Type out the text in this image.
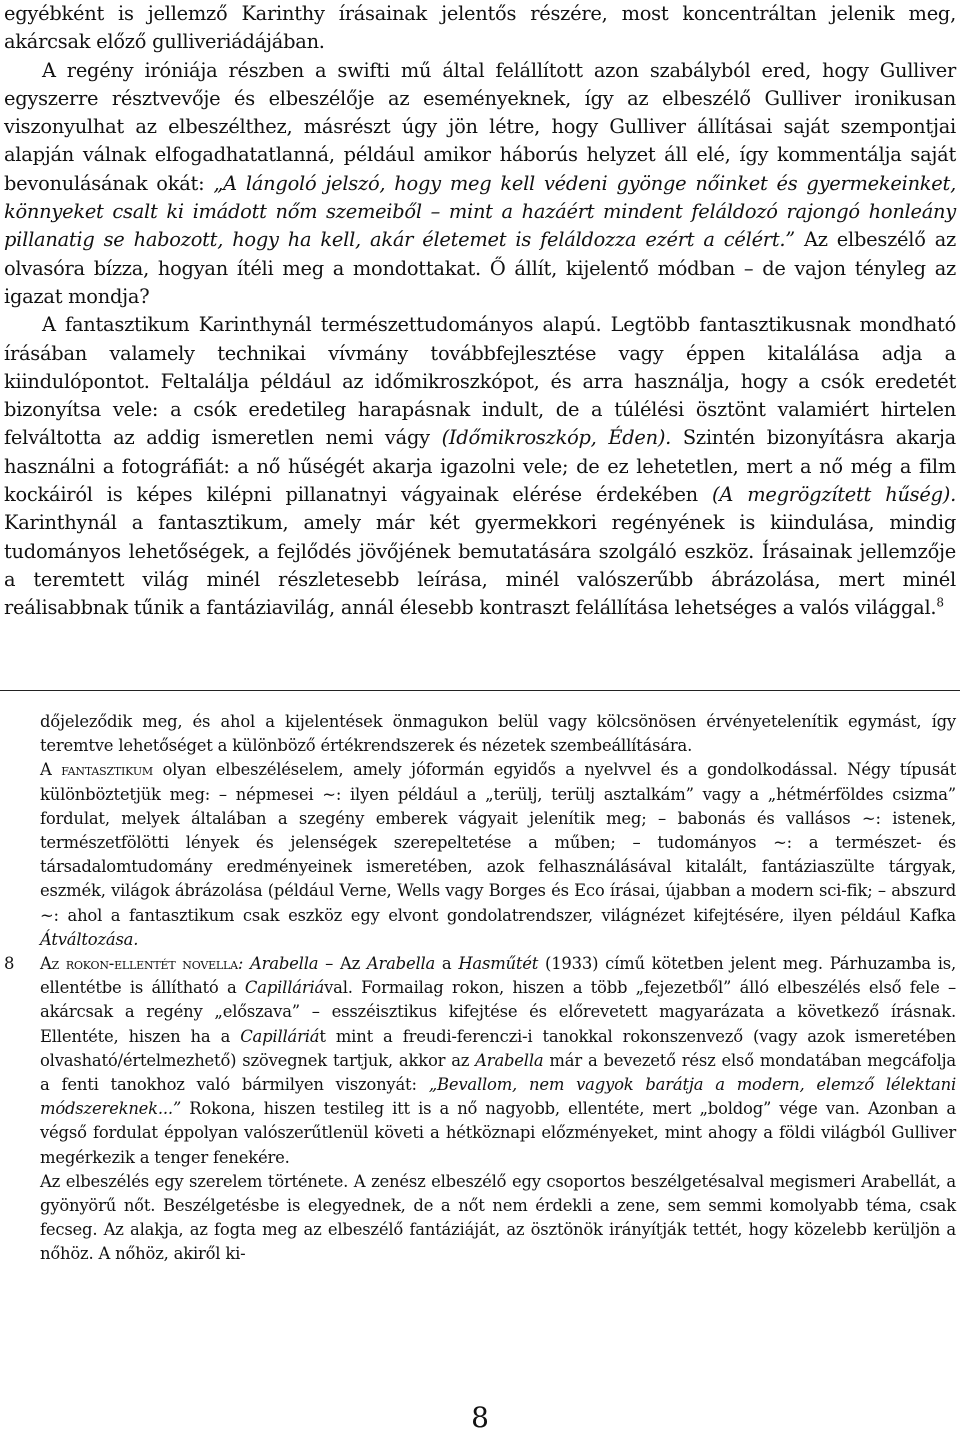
egyébként is jellemző Karinthy írásainak jelentős részére, most koncentráltan jelenik meg, akárcsak előző gulliveriádájában.

A regény iróniája részben a swifti mű által felállított azon szabályból ered, hogy Gulliver egyszerre résztvevője és elbeszélője az eseményeknek, így az elbeszélő Gulliver ironikusan viszonyulhat az elbeszélthez, másrészt úgy jön létre, hogy Gulliver állításai saját szempontjai alapján válnak elfogadhatatlanná, például amikor háborús helyzet áll elé, így kommentálja saját bevonulásának okát: „A lángoló jelszó, hogy meg kell védeni gyönge nőinket és gyermekeinket, könnyeket csalt ki imádott nőm szemeiből – mint a hazáért mindent feláldozó rajongó honleány pillanatig se habozott, hogy ha kell, akár életemet is feláldozza ezért a célért.” Az elbeszélő az olvasóra bízza, hogyan ítéli meg a mondottakat. Ő állít, kijelentő módban – de vajon tényleg az igazat mondja?

A fantasztikum Karinthynál természettudományos alapú. Legtöbb fantasztikusnak mondható írásában valamely technikai vívmány továbbfejlesztése vagy éppen kitalálása adja a kiindulópontot. Feltalálja például az időmikroszkópot, és arra használja, hogy a csók eredetét bizonyítsa vele: a csók eredetileg harapásnak indult, de a túlélési ösztönt valamiért hirtelen felváltotta az addig ismeretlen nemi vágy (Időmikroszkóp, Éden). Szintén bizonyításra akarja használni a fotográfiát: a nő hűségét akarja igazolni vele; de ez lehetetlen, mert a nő még a film kockáiról is képes kilépni pillanatnyi vágyainak elérése érdekében (A megrögzített hűség). Karinthynál a fantasztikum, amely már két gyermekkori regényének is kiindulása, mindig tudományos lehetőségek, a fejlődés jövőjének bemutatására szolgáló eszköz. Írásainak jellemzője a teremtett világ minél részletesebb leírása, minél valószerűbb ábrázolása, mert minél reálisabbnak tűnik a fantáziavilág, annál élesebb kontraszt felállítása lehetséges a valós világgal.$^8$

dőjeleződik meg, és ahol a kijelentések önmagukon belül vagy kölcsönösen érvényetelenítik egymást, így teremtve lehetőséget a különböző értékrendszerek és nézetek szembeállítására.

A fantasztikum olyan elbeszéléselem, amely jóformán egyidős a nyelvvel és a gondolkodással. Négy típusát különböztetjük meg: – népmesei ~: ilyen például a „terülj, terülj asztalkám” vagy a „hétmérföldes csizma” fordulat, melyek általában a szegény emberek vágyait jelenítik meg; – babonás és vallásos ~: istenek, természetfölötti lények és jelenségek szerepeltetése a műben; – tudományos ~: a természet- és társadalomtudomány eredményeinek ismeretében, azok felhasználásával kitalált, fantáziaszülte tárgyak, eszmék, világok ábrázolása (például Verne, Wells vagy Borges és Eco írásai, újabban a modern sci-fik; – abszurd ~: ahol a fantasztikum csak eszköz egy elvont gondolatrendszer, világnézet kifejtésére, ilyen például Kafka Átváltozása.

8 Az rokon-ellentét novella: Arabella – Az Arabella a Hasműtét (1933) című kötetben jelent meg. Párhuzamba is, ellentétbe is állítható a Capilláriával. Formailag rokon, hiszen a több „fejezetből” álló elbeszélés első fele – akárcsak a regény „előszava” – esszéisztikus kifejtése és előrevetett magyarázata a következő írásnak. Ellentéte, hiszen ha a Capilláriát mint a freudi-ferenczi-i tanokkal rokonszenvező (vagy azok ismeretében olvasható/értelmezhető) szövegnek tartjuk, akkor az Arabella már a bevezető rész első mondatában megcáfolja a fenti tanokhoz való bármilyen viszonyát: „Bevallom, nem vagyok barátja a modern, elemző lélektani módszereknek...” Rokona, hiszen testileg itt is a nő nagyobb, ellentéte, mert „boldog” vége van. Azonban a végső fordulat éppolyan valószerűtlenül követi a hétköznapi előzményeket, mint ahogy a földi világból Gulliver megérkezik a tenger fenekére.

Az elbeszélés egy szerelem története. A zenész elbeszélő egy csoportos beszélgetésalval megismeri Arabellát, a gyönyörű nőt. Beszélgetésbe is elegyednek, de a nőt nem érdekli a zene, sem semmi komolyabb téma, csak fecseg. Az alakja, az fogta meg az elbeszélő fantáziáját, az ösztönök irányítják tettét, hogy közelebb kerüljön a nőhöz. A nőhöz, akiről ki-

8
